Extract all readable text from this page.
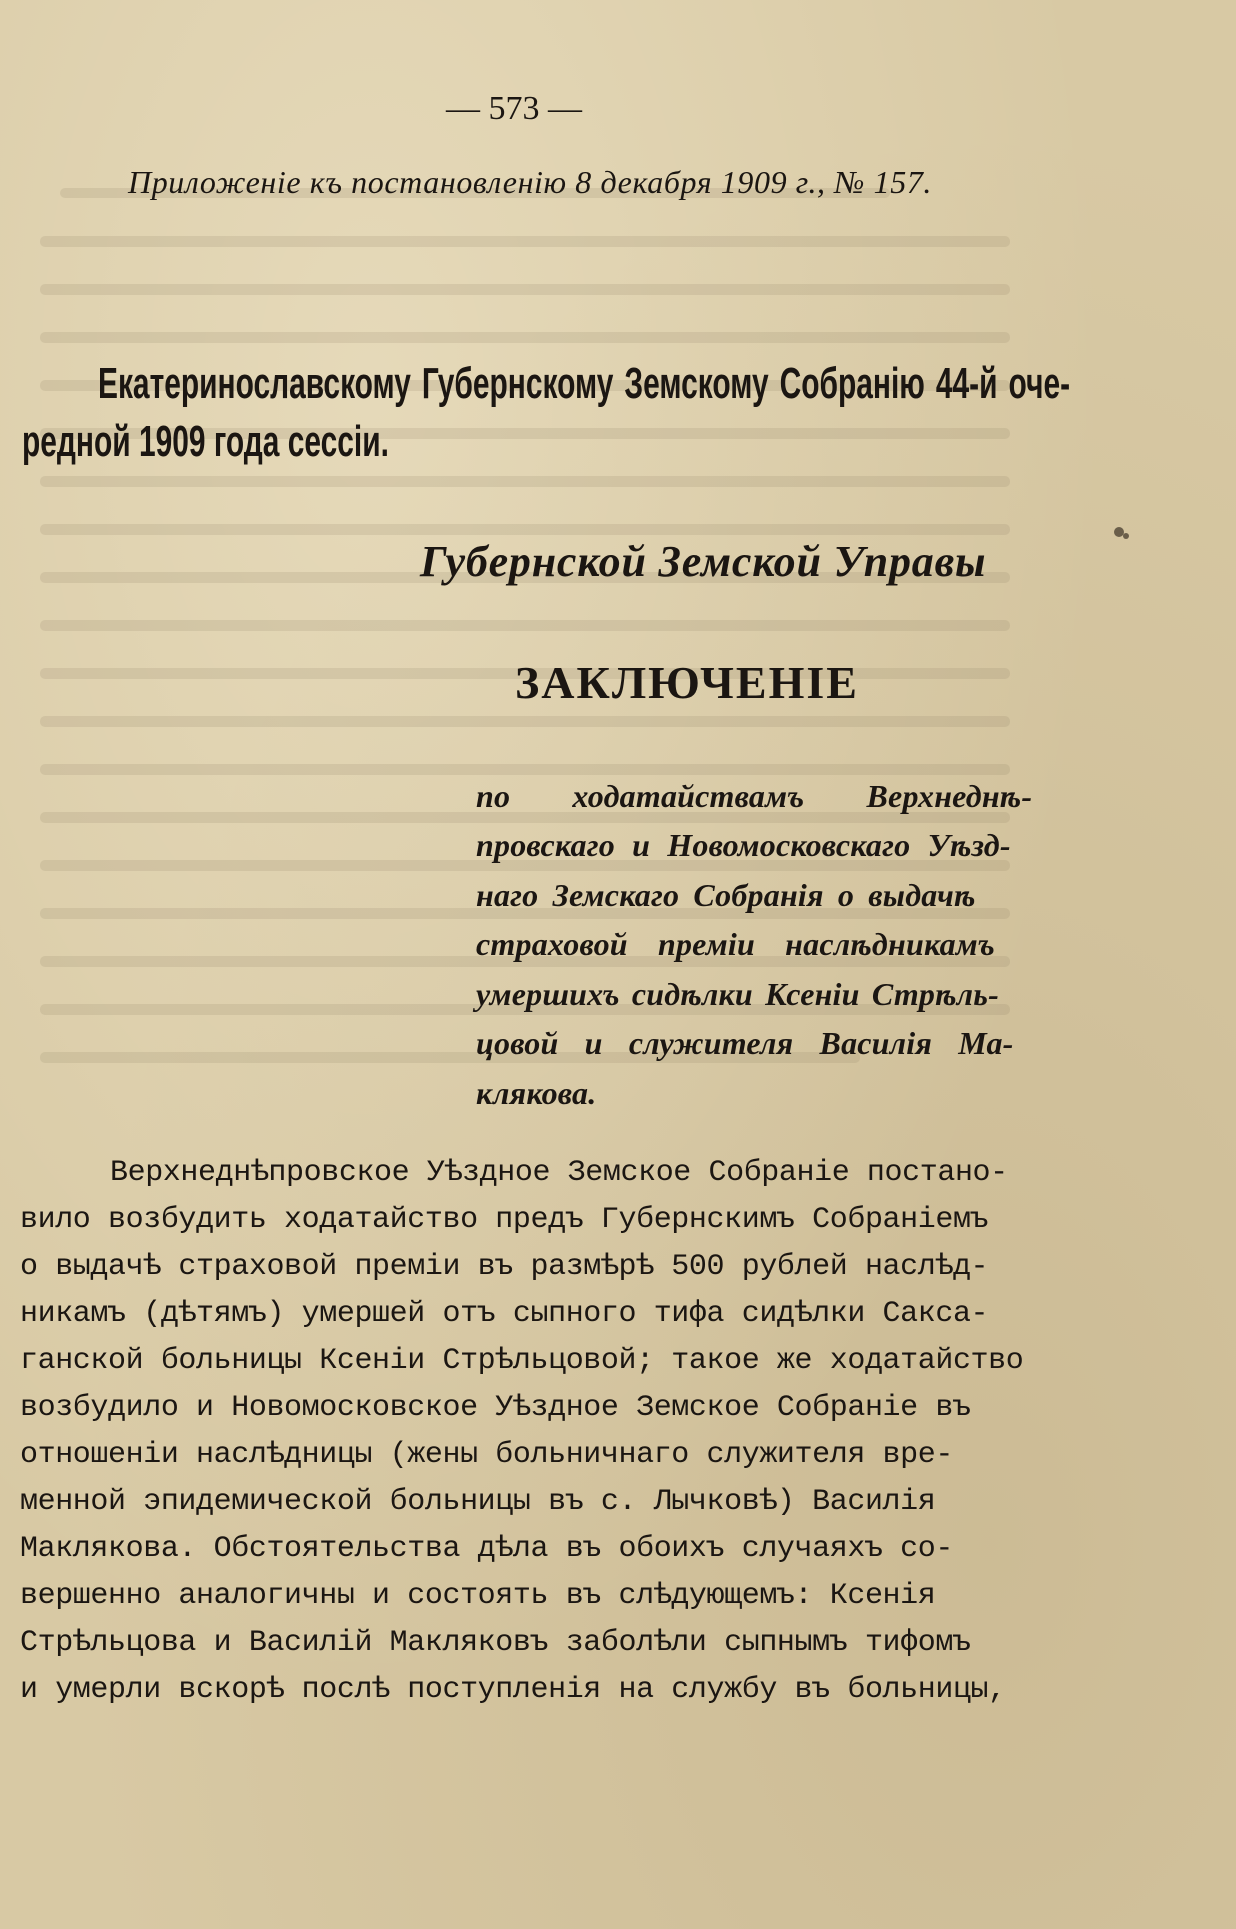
— 573 —

Приложеніе къ постановленію 8 декабря 1909 г., № 157.

Екатеринославскому Губернскому Земскому Собранію 44-й оче-

редной 1909 года сессіи.

Губернской Земской Управы

ЗАКЛЮЧЕНІЕ

по ходатайствамъ Верхнеднѣ-

провскаго и Новомосковскаго Уѣзд-

наго Земскаго Собранія о выдачѣ

страховой преміи наслѣдникамъ

умершихъ сидѣлки Ксеніи Стрѣль-

цовой и служителя Василія Ма-

клякова.

Верхнеднѣпровское Уѣздное Земское Собраніе постано-

вило возбудить ходатайство предъ Губернскимъ Собраніемъ

о выдачѣ страховой преміи въ размѣрѣ 500 рублей наслѣд-

никамъ (дѣтямъ) умершей отъ сыпного тифа сидѣлки Сакса-

ганской больницы Ксеніи Стрѣльцовой; такое же ходатайство

возбудило и Новомосковское Уѣздное Земское Собраніе въ

отношеніи наслѣдницы (жены больничнаго служителя вре-

менной эпидемической больницы въ с. Лычковѣ) Василія

Маклякова. Обстоятельства дѣла въ обоихъ случаяхъ со-

вершенно аналогичны и состоять въ слѣдующемъ: Ксенія

Стрѣльцова и Василій Макляковъ заболѣли сыпнымъ тифомъ

и умерли вскорѣ послѣ поступленія на службу въ больницы,
